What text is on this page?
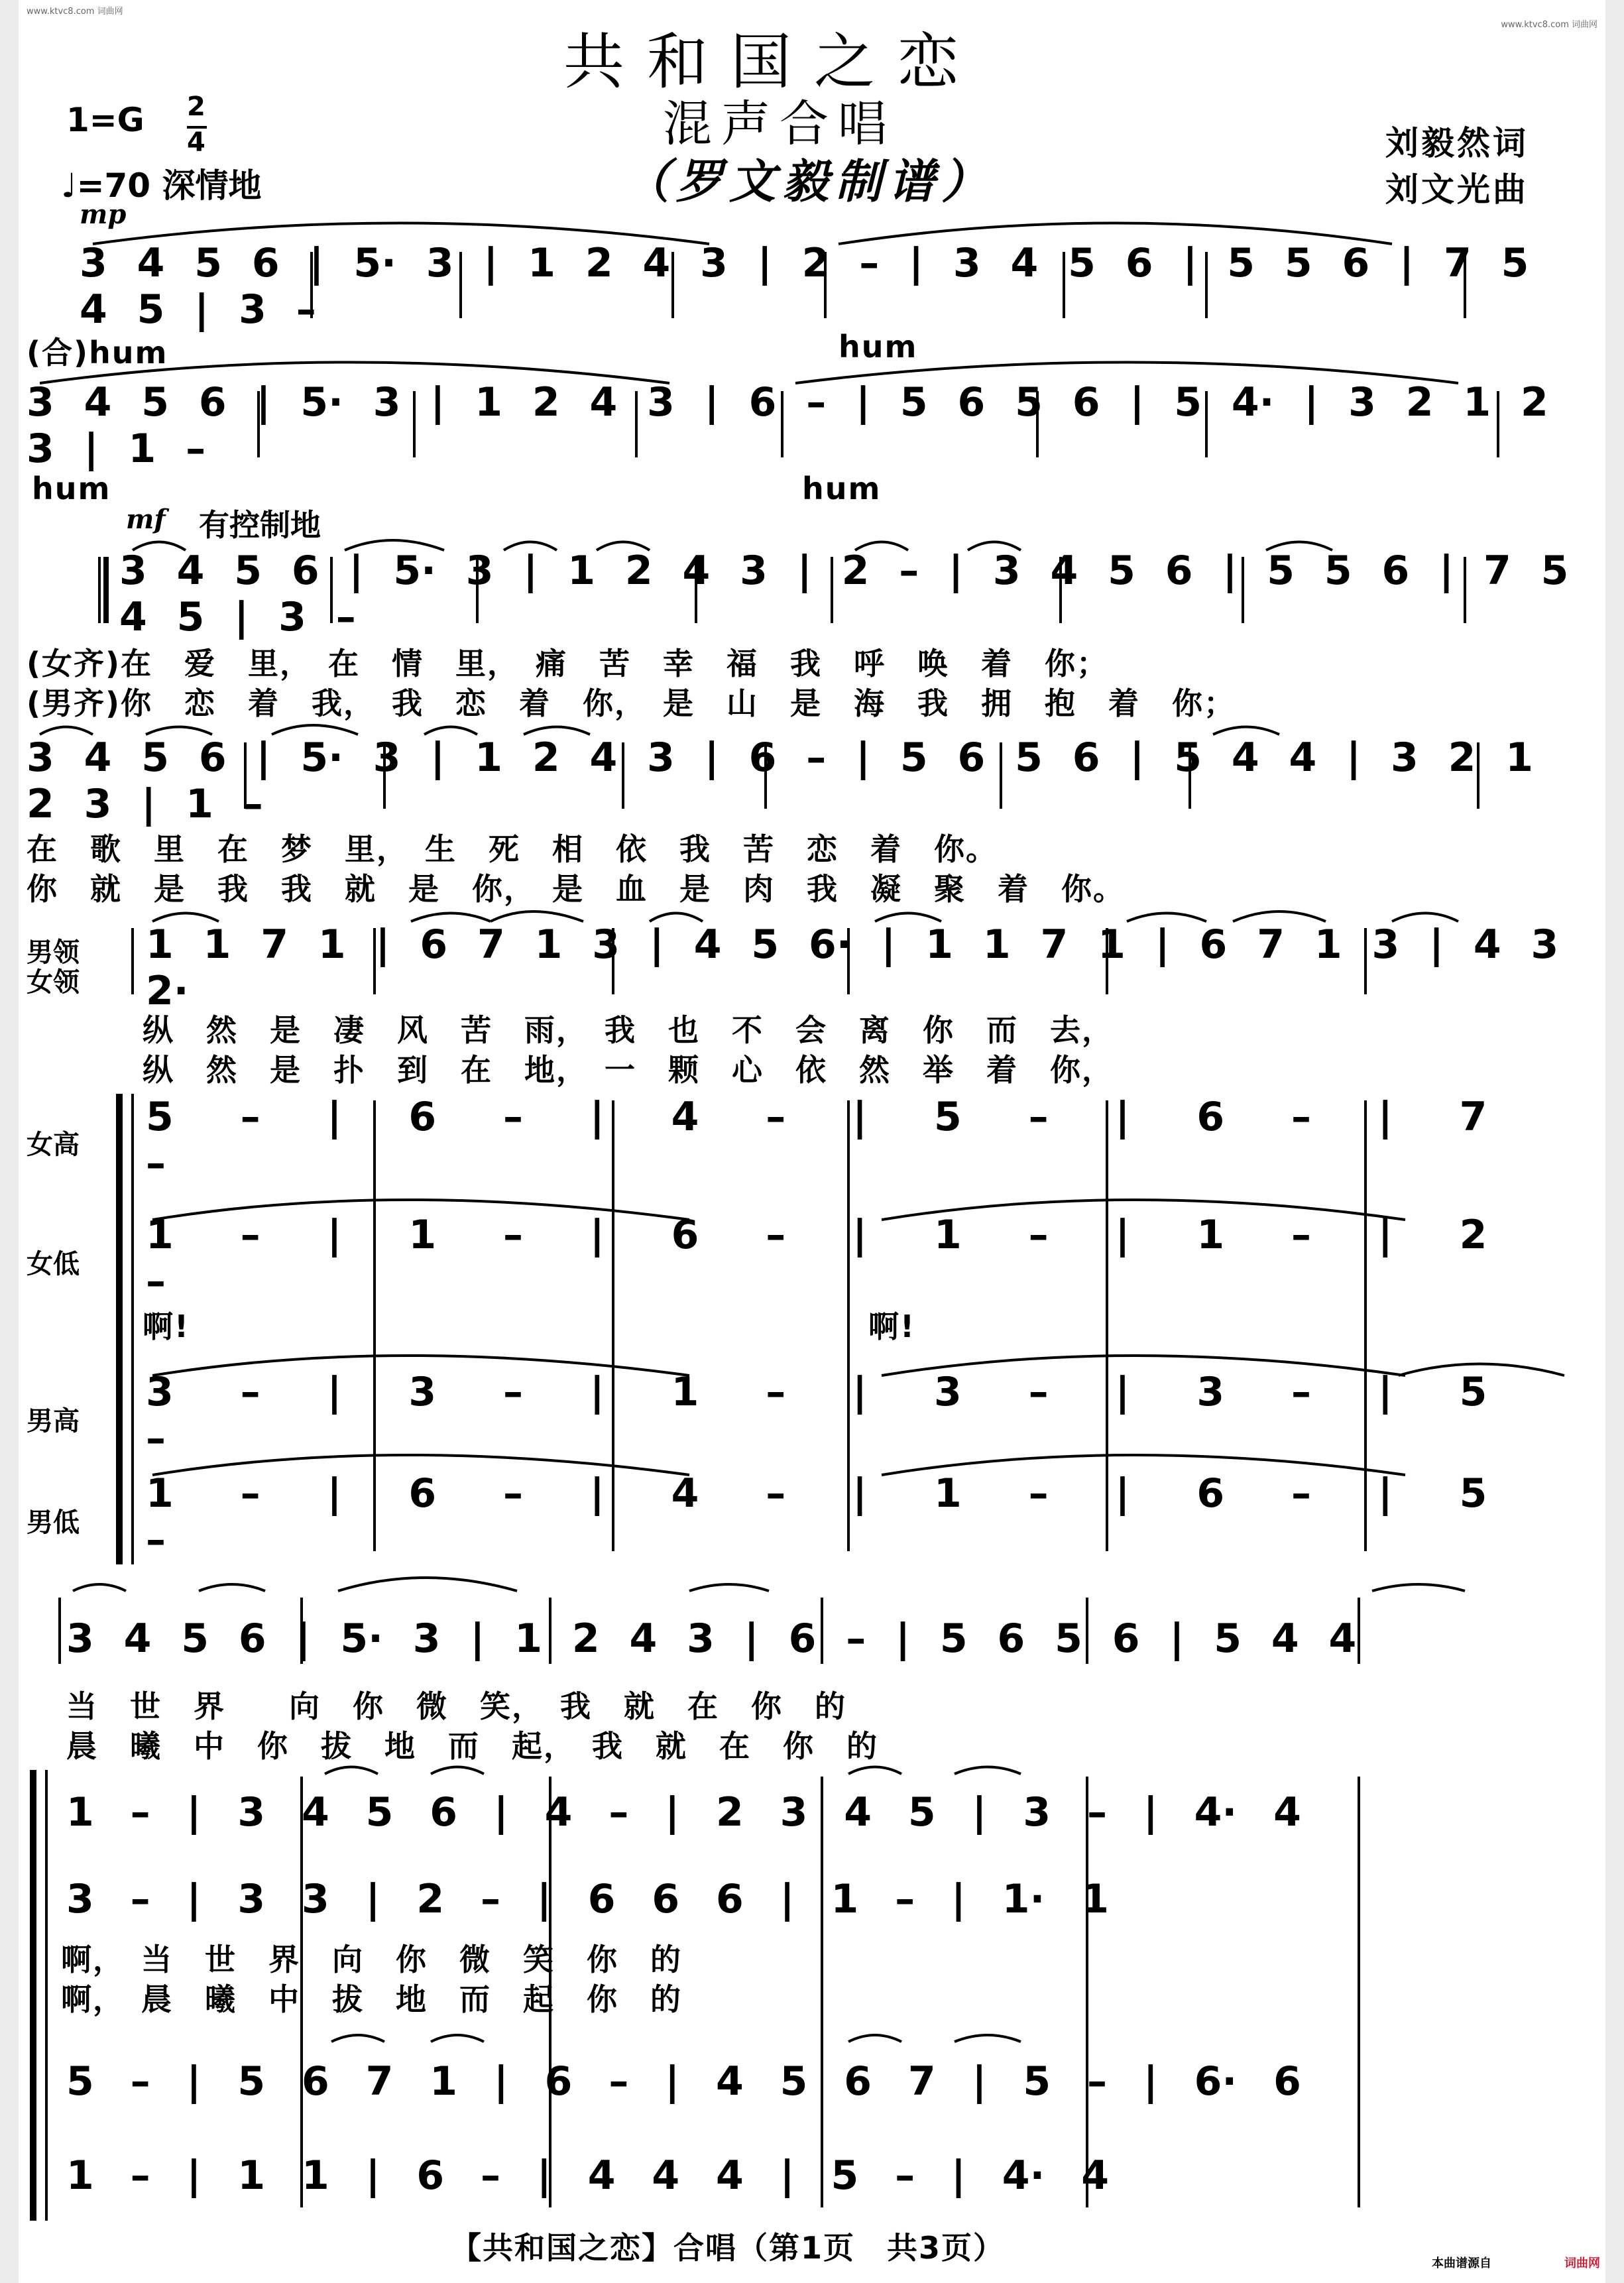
www.ktvc8.com 词曲网
www.ktvc8.com 词曲网
共和国之恋
混声合唱
（罗文毅制谱）
1=G 2
4
♩=70 深情地
刘毅然词
刘文光曲
mp
3 4 5 6 | 5· 3 | 1 2 4 3 | 2 – | 3 4 5 6 | 5 5 6 | 7 5 4 5 | 3 –
(合)hum	hum
3 4 5 6 | 5· 3 | 1 2 4 3 | 6 – | 5 6 5 6 | 5 4· | 3 2 1 2 3 | 1 –
hum	hum
mf 有控制地
3 4 5 6 | 5· 3 | 1 2 4 3 | 2 – | 3 4 5 6 | 5 5 6 | 7 5 4 5 | 3 –
(女齐)在　爱　里，　在　情　里，　痛　苦　幸　福　我　呼　唤　着　你；
(男齐)你　恋　着　我，　我　恋　着　你，　是　山　是　海　我　拥　抱　着　你；
3 4 5 6 | 5· 3 | 1 2 4 3 | 6 – | 5 6 5 6 | 5 4 4 | 3 2 1 2 3 | 1 –
在　歌　里　在　梦　里，　生　死　相　依　我　苦　恋　着　你。
你　就　是　我　我　就　是　你，　是　血　是　肉　我　凝　聚　着　你。
男领
女领
1 1 7 1 | 6 7 1 3 | 4 5 6· | 1 1 7 1 | 6 7 1 3 | 4 3 2·
纵　然　是　凄　风　苦　雨，　我　也　不　会　离　你　而　去，
纵　然　是　扑　到　在　地，　一　颗　心　依　然　举　着　你，
女高
5 – | 6 – | 4 – | 5 – | 6 – | 7 –
女低
1 – | 1 – | 6 – | 1 – | 1 – | 2 –
啊!	啊!
男高
3 – | 3 – | 1 – | 3 – | 3 – | 5 –
男低
1 – | 6 – | 4 – | 1 – | 6 – | 5 –
3 4 5 6 | 5· 3 | 1 2 4 3 | 6 – | 5 6 5 6 | 5 4 4
当　世　界　　向　你　微　笑，　我　就　在　你　的
晨　曦　中　你　拔　地　而　起，　我　就　在　你　的
1 – | 3 4 5 6 | 4 – | 2 3 4 5 | 3 – | 4· 4
3 – | 3 3 | 2 – | 6 6 6 | 1 – | 1· 1
啊，　当　世　界　向　你　微　笑　你　的
啊，　晨　曦　中　拔　地　而　起　你　的
5 – | 5 6 7 1 | 6 – | 4 5 6 7 | 5 – | 6· 6
1 – | 1 1 | 6 – | 4 4 4 | 5 – | 4· 4
【共和国之恋】合唱（第1页　共3页）	本曲谱源自	词曲网
